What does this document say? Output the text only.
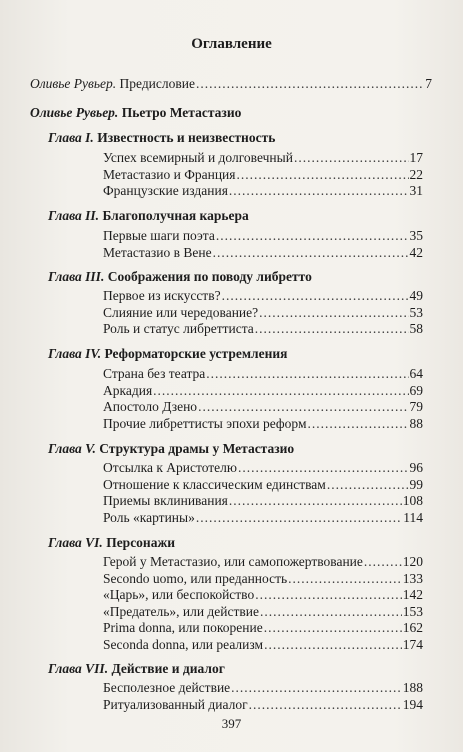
Оглавление
Оливье Рувьер. Предисловие .....	7
Оливье Рувьер. Пьетро Метастазио
Глава I. Известность и неизвестность
Успех всемирный и долговечный .....	17
Метастазио и Франция .....	22
Французские издания .....	31
Глава II. Благополучная карьера
Первые шаги поэта .....	35
Метастазио в Вене .....	42
Глава III. Соображения по поводу либретто
Первое из искусств? .....	49
Слияние или чередование? .....	53
Роль и статус либреттиста .....	58
Глава IV. Реформаторские устремления
Страна без театра .....	64
Аркадия .....	69
Апостоло Дзено .....	79
Прочие либреттисты эпохи реформ .....	88
Глава V. Структура драмы у Метастазио
Отсылка к Аристотелю .....	96
Отношение к классическим единствам .....	99
Приемы вклинивания .....	108
Роль «картины» .....	114
Глава VI. Персонажи
Герой у Метастазио, или самопожертвование .....	120
Secondo uomo, или преданность .....	133
«Царь», или беспокойство .....	142
«Предатель», или действие .....	153
Prima donna, или покорение .....	162
Seconda donna, или реализм .....	174
Глава VII. Действие и диалог
Бесполезное действие .....	188
Ритуализованный диалог .....	194
397
